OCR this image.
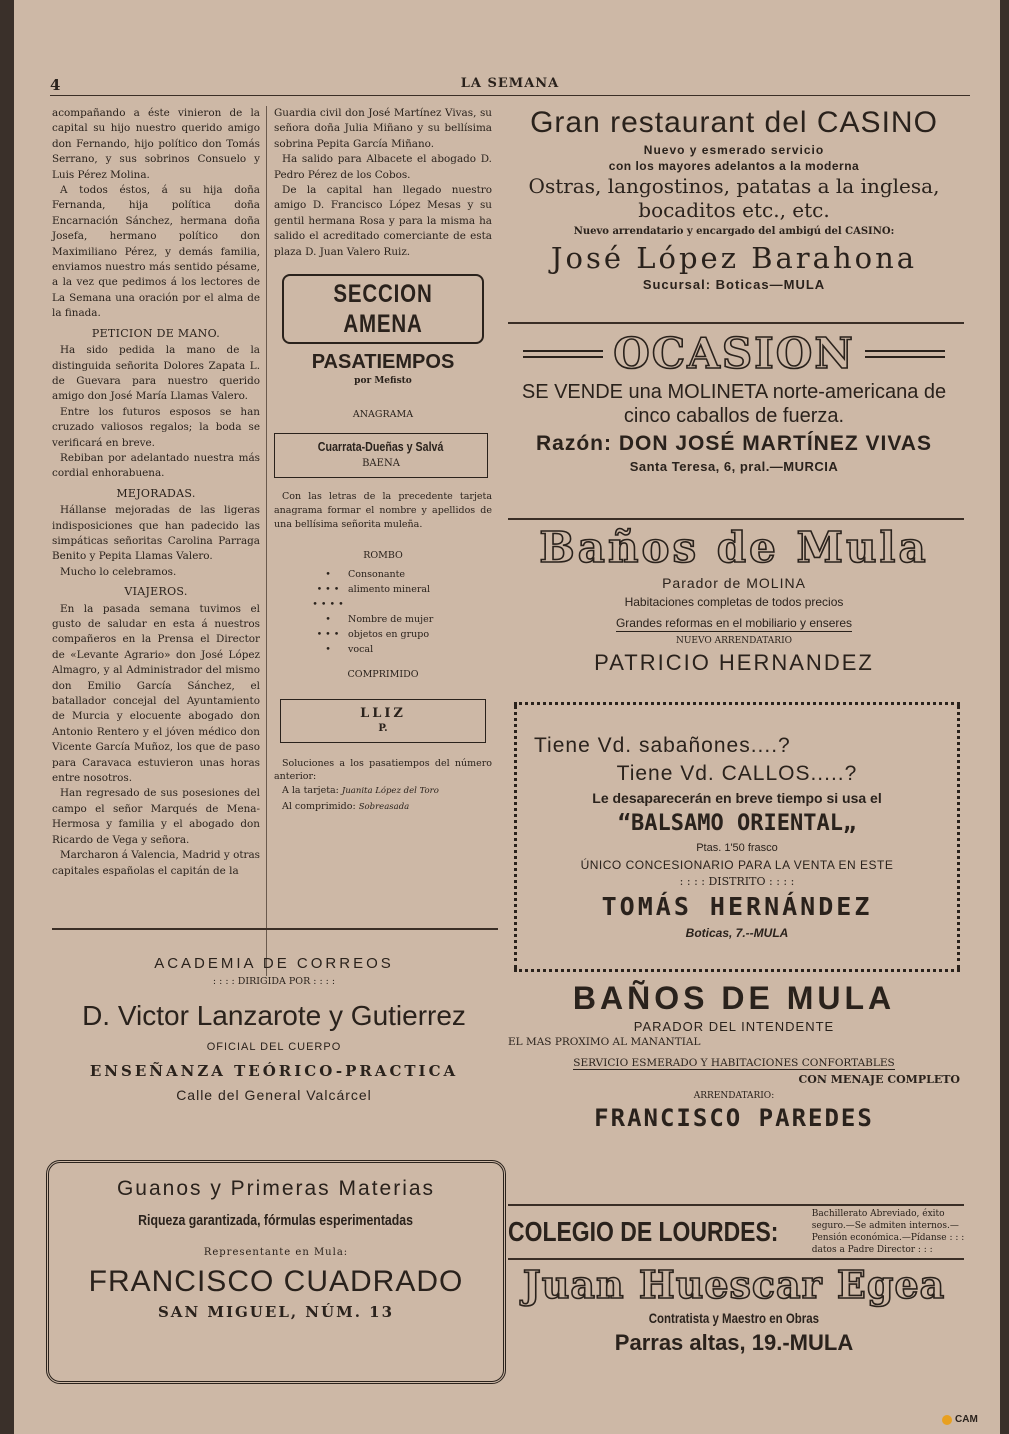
4	LA SEMANA

acompañando a éste vinieron de la capital su hijo nuestro querido amigo don Fernando, hijo político don Tomás Serrano, y sus sobrinos Consuelo y Luis Pérez Molina.

A todos éstos, á su hija doña Fernanda, hija política doña Encarnación Sánchez, hermana doña Josefa, hermano político don Maximiliano Pérez, y demás familia, enviamos nuestro más sentido pésame, a la vez que pedimos á los lectores de La Semana una oración por el alma de la finada.

PETICION DE MANO.

Ha sido pedida la mano de la distinguida señorita Dolores Zapata L. de Guevara para nuestro querido amigo don José María Llamas Valero.

Entre los futuros esposos se han cruzado valiosos regalos; la boda se verificará en breve.

Rebiban por adelantado nuestra más cordial enhorabuena.

MEJORADAS.

Hállanse mejoradas de las ligeras indisposiciones que han padecido las simpáticas señoritas Carolina Parraga Benito y Pepita Llamas Valero.

Mucho lo celebramos.

VIAJEROS.

En la pasada semana tuvimos el gusto de saludar en esta á nuestros compañeros en la Prensa el Director de «Levante Agrario» don José López Almagro, y al Administrador del mismo don Emilio García Sánchez, el batallador concejal del Ayuntamiento de Murcia y elocuente abogado don Antonio Rentero y el jóven médico don Vicente García Muñoz, los que de paso para Caravaca estuvieron unas horas entre nosotros.

Han regresado de sus posesiones del campo el señor Marqués de Mena-Hermosa y familia y el abogado don Ricardo de Vega y señora.

Marcharon á Valencia, Madrid y otras capitales españolas el capitán de la

Guardia civil don José Martínez Vivas, su señora doña Julia Miñano y su bellísima sobrina Pepita García Miñano.

Ha salido para Albacete el abogado D. Pedro Pérez de los Cobos.

De la capital han llegado nuestro amigo D. Francisco López Mesas y su gentil hermana Rosa y para la misma ha salido el acreditado comerciante de esta plaza D. Juan Valero Ruiz.

SECCION AMENA
PASATIEMPOS
por Mefisto
ANAGRAMA
Cuarrata-Dueñas y Salvá
BAENA

Con las letras de la precedente tarjeta anagrama formar el nombre y apellidos de una bellísima señorita muleña.

ROMBO
• Consonante
• • • alimento mineral
• • • • • Nombre de mujer
• • • objetos en grupo
• vocal
COMPRIMIDO
LLIZ
P.

Soluciones a los pasatiempos del número anterior:

A la tarjeta: Juanita López del Toro
Al comprimido: Sobreasada
Gran restaurant del CASINO
Nuevo y esmerado servicio
con los mayores adelantos a la moderna
Ostras, langostinos, patatas a la inglesa, bocaditos etc., etc.
Nuevo arrendatario y encargado del ambigú del CASINO:
José López Barahona
Sucursal: Boticas—MULA
OCASION
SE VENDE una MOLINETA norte-americana de cinco caballos de fuerza.
Razón: DON JOSÉ MARTÍNEZ VIVAS
Santa Teresa, 6, pral.—MURCIA
Baños de Mula
Parador de MOLINA
Habitaciones completas de todos precios
Grandes reformas en el mobiliario y enseres
NUEVO ARRENDATARIO
PATRICIO HERNANDEZ
Tiene Vd. sabañones....?
Tiene Vd. CALLOS.....?
Le desaparecerán en breve tiempo si usa el
“BALSAMO ORIENTAL„
Ptas. 1'50 frasco
ÚNICO CONCESIONARIO PARA LA VENTA EN ESTE
: : : : DISTRITO : : : :
TOMÁS HERNÁNDEZ
Boticas, 7.--MULA
BAÑOS DE MULA
PARADOR DEL INTENDENTE
EL MAS PROXIMO AL MANANTIAL
SERVICIO ESMERADO Y HABITACIONES CONFORTABLES
CON MENAJE COMPLETO
ARRENDATARIO:
FRANCISCO PAREDES
COLEGIO DE LOURDES:
Bachillerato Abreviado, éxito seguro.—Se admiten internos.— Pensión económica.—Pídanse : : : datos a Padre Director : : :
Juan Huescar Egea
Contratista y Maestro en Obras
Parras altas, 19.-MULA
ACADEMIA DE CORREOS
: : : : DIRIGIDA POR : : : :
D. Victor Lanzarote y Gutierrez
OFICIAL DEL CUERPO
ENSEÑANZA TEÓRICO-PRACTICA
Calle del General Valcárcel
Guanos y Primeras Materias
Riqueza garantizada, fórmulas esperimentadas
Representante en Mula:
FRANCISCO CUADRADO
SAN MIGUEL, NÚM. 13
CAM
